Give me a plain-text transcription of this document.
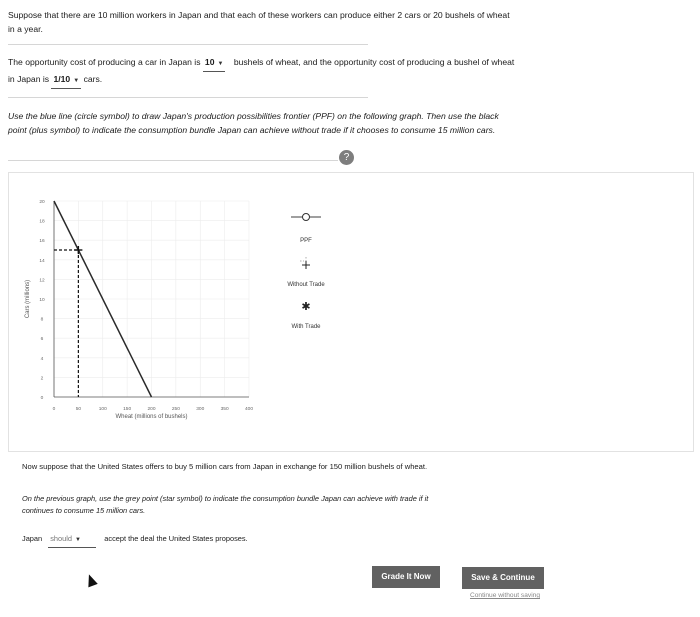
Suppose that there are 10 million workers in Japan and that each of these workers can produce either 2 cars or 20 bushels of wheat
in a year.
The opportunity cost of producing a car in Japan is 10 ▼ bushels of wheat, and the opportunity cost of producing a bushel of wheat
in Japan is 1/10 ▼ cars.
Use the blue line (circle symbol) to draw Japan's production possibilities frontier (PPF) on the following graph. Then use the black
point (plus symbol) to indicate the consumption bundle Japan can achieve without trade if it chooses to consume 15 million cars.
?
0
2
4
6
8
10
12
14
16
18
20
0	50	100	150	200	250	300	350	400
Cars (millions)
Wheat (millions of bushels)
PPF
Without Trade
✱
With Trade
Now suppose that the United States offers to buy 5 million cars from Japan in exchange for 150 million bushels of wheat.
On the previous graph, use the grey point (star symbol) to indicate the consumption bundle Japan can achieve with trade if it
continues to consume 15 million cars.
Japan should ▼	accept the deal the United States proposes.
Grade It Now	Save & Continue
Continue without saving
